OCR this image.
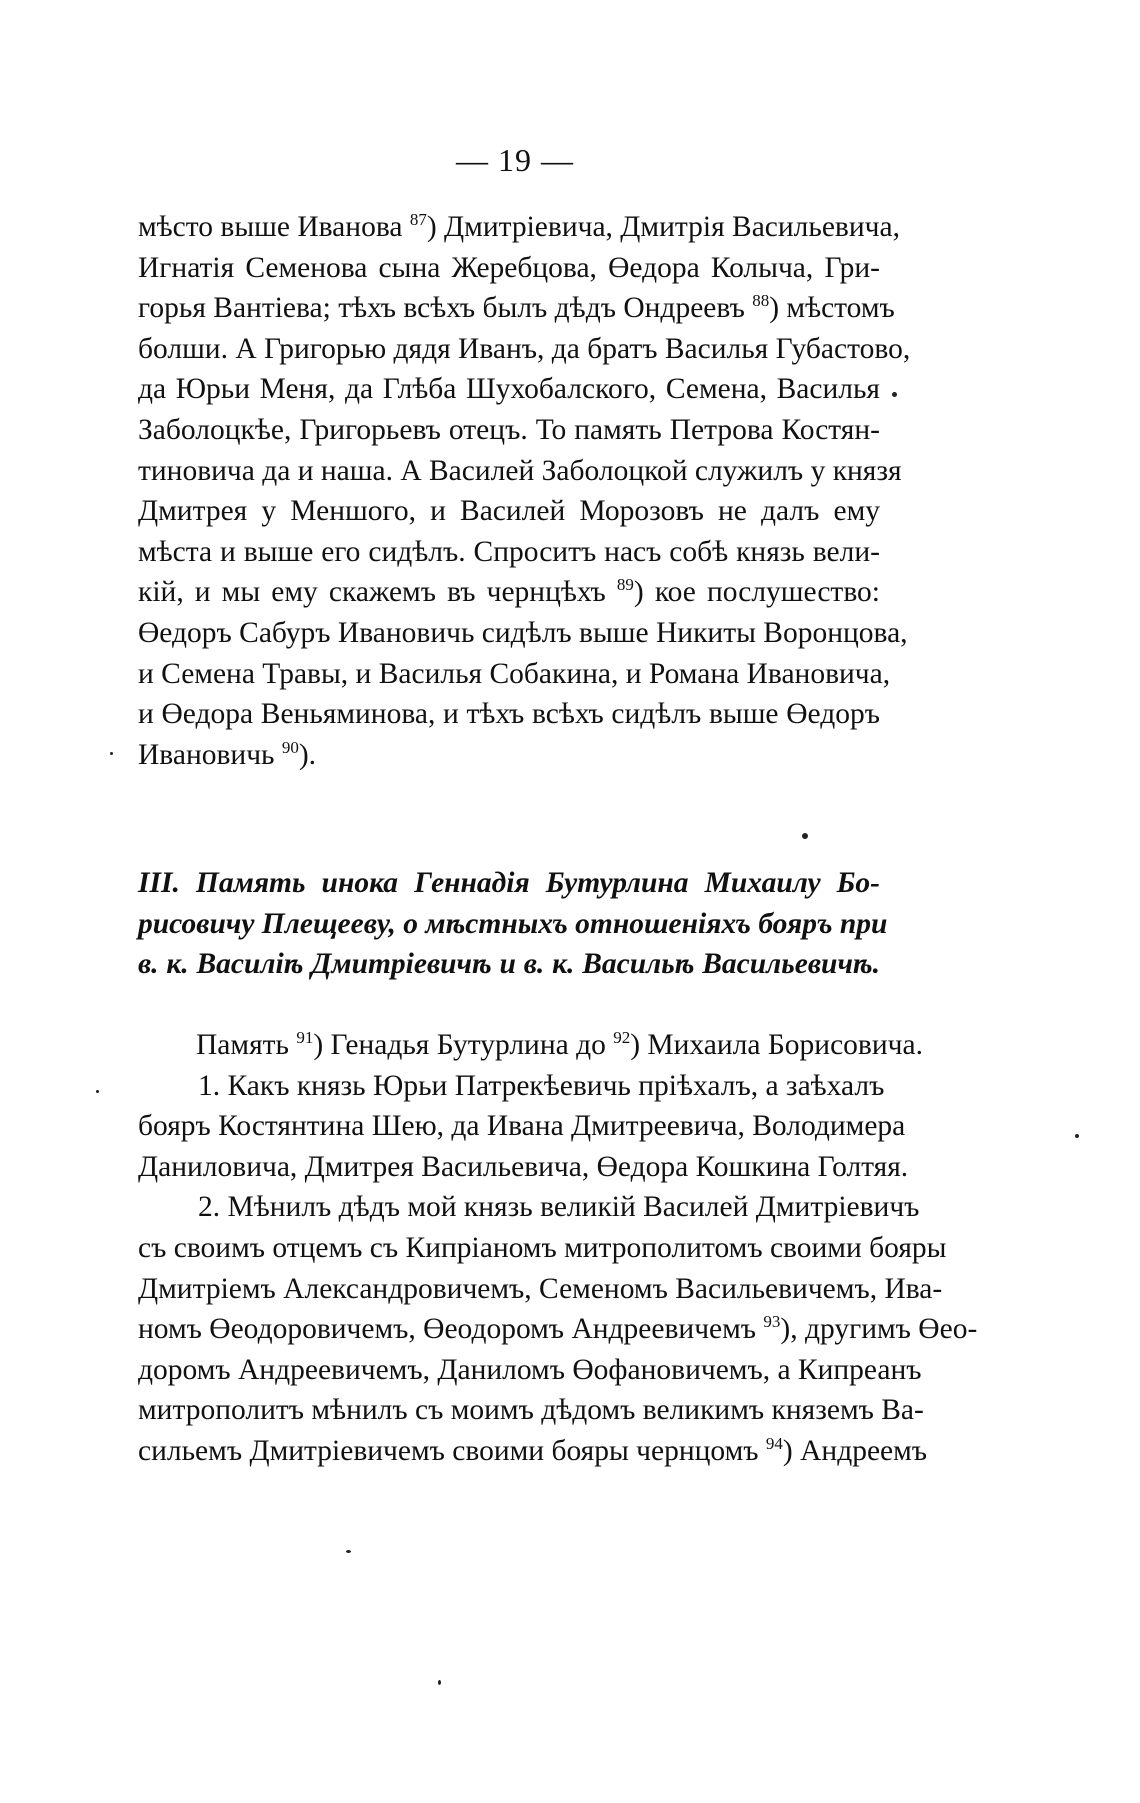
— 19 —
мѣсто выше Иванова $^{87}$) Дмитріевича, Дмитрія Васильевича,
Игнатія Семенова сына Жеребцова, Өедора Колыча, Гри-
горья Вантіева; тѣхъ всѣхъ былъ дѣдъ Ондреевъ $^{88}$) мѣстомъ
болши. А Григорью дядя Иванъ, да братъ Василья Губастово,
да Юрьи Меня, да Глѣба Шухобалского, Семена, Василья
Заболоцкѣе, Григорьевъ отецъ. То память Петрова Костян-
тиновича да и наша. А Василей Заболоцкой служилъ у князя
Дмитрея у Меншого, и Василей Морозовъ не далъ ему
мѣста и выше его сидѣлъ. Спроситъ насъ собѣ князь вели-
кій, и мы ему скажемъ въ чернцѣхъ $^{89}$) кое послушество:
Өедоръ Сабуръ Ивановичь сидѣлъ выше Никиты Воронцова,
и Семена Травы, и Василья Собакина, и Романа Ивановича,
и Өедора Веньяминова, и тѣхъ всѣхъ сидѣлъ выше Өедоръ
Ивановичь $^{90}$).
III. Память инока Геннадія Бутурлина Михаилу Бо-
рисовичу Плещееву, о мѣстныхъ отношеніяхъ бояръ при
в. к. Василіѣ Дмитріевичѣ и в. к. Васильѣ Васильевичѣ.
Память $^{91}$) Генадья Бутурлина до $^{92}$) Михаила Борисовича.
1. Какъ князь Юрьи Патрекѣевичь пріѣхалъ, а заѣхалъ
бояръ Костянтина Шею, да Ивана Дмитреевича, Володимера
Даниловича, Дмитрея Васильевича, Өедора Кошкина Голтяя.
2. Мѣнилъ дѣдъ мой князь великій Василей Дмитріевичъ
съ своимъ отцемъ съ Кипріаномъ митрополитомъ своими бояры
Дмитріемъ Александровичемъ, Семеномъ Васильевичемъ, Ива-
номъ Өеодоровичемъ, Өеодоромъ Андреевичемъ $^{93}$), другимъ Өео-
доромъ Андреевичемъ, Даниломъ Өофановичемъ, а Кипреанъ
митрополитъ мѣнилъ съ моимъ дѣдомъ великимъ княземъ Ва-
сильемъ Дмитріевичемъ своими бояры чернцомъ $^{94}$) Андреемъ
